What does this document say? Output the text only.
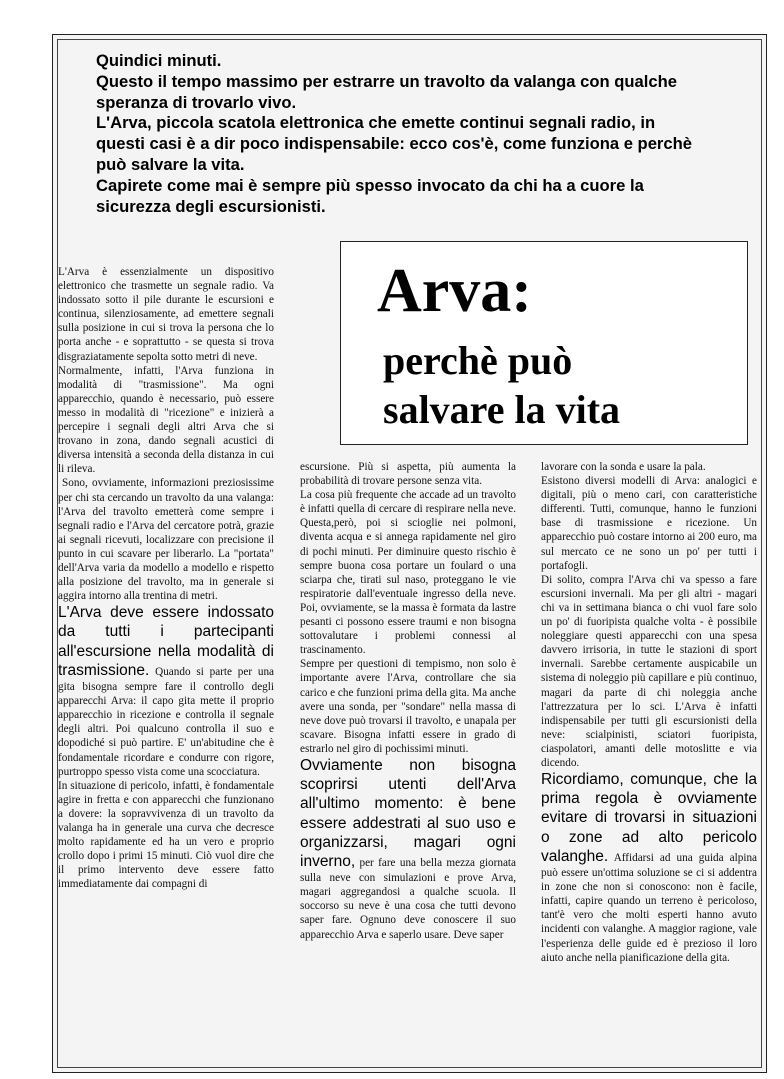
Quindici minuti.

Questo il tempo massimo per estrarre un travolto da valanga con qualche speranza di trovarlo vivo.

L'Arva, piccola scatola elettronica che emette continui segnali radio, in questi casi è a dir poco indispensabile: ecco cos'è, come funziona e perchè può salvare la vita.

Capirete come mai è sempre più spesso invocato da chi ha a cuore la sicurezza degli escursionisti.

L'Arva è essenzialmente un dispositivo elettronico che trasmette un segnale radio. Va indossato sotto il pile durante le escursioni e continua, silenziosamente, ad emettere segnali sulla posizione in cui si trova la persona che lo porta anche - e soprattutto - se questa si trova disgraziatamente sepolta sotto metri di neve.

Normalmente, infatti, l'Arva funziona in modalità di "trasmissione". Ma ogni apparecchio, quando è necessario, può essere messo in modalità di "ricezione" e inizierà a percepire i segnali degli altri Arva che si trovano in zona, dando segnali acustici di diversa intensità a seconda della distanza in cui li rileva.

Sono, ovviamente, informazioni preziosissime per chi sta cercando un travolto da una valanga: l'Arva del travolto emetterà come sempre i segnali radio e l'Arva del cercatore potrà, grazie ai segnali ricevuti, localizzare con precisione il punto in cui scavare per liberarlo. La "portata" dell'Arva varia da modello a modello e rispetto alla posizione del travolto, ma in generale si aggira intorno alla trentina di metri.

L'Arva deve essere indossato da tutti i partecipanti all'escursione nella modalità di trasmissione. Quando si parte per una gita bisogna sempre fare il controllo degli apparecchi Arva: il capo gita mette il proprio apparecchio in ricezione e controlla il segnale degli altri. Poi qualcuno controlla il suo e dopodiché si può partire. E' un'abitudine che è fondamentale ricordare e condurre con rigore, purtroppo spesso vista come una scocciatura.

In situazione di pericolo, infatti, è fondamentale agire in fretta e con apparecchi che funzionano a dovere: la sopravvivenza di un travolto da valanga ha in generale una curva che decresce molto rapidamente ed ha un vero e proprio crollo dopo i primi 15 minuti. Ciò vuol dire che il primo intervento deve essere fatto immediatamente dai compagni di

Arva:

perchè può
salvare la vita

escursione. Più si aspetta, più aumenta la probabilità di trovare persone senza vita.

La cosa più frequente che accade ad un travolto è infatti quella di cercare di respirare nella neve. Questa,però, poi si scioglie nei polmoni, diventa acqua e si annega rapidamente nel giro di pochi minuti. Per diminuire questo rischio è sempre buona cosa portare un foulard o una sciarpa che, tirati sul naso, proteggano le vie respiratorie dall'eventuale ingresso della neve. Poi, ovviamente, se la massa è formata da lastre pesanti ci possono essere traumi e non bisogna sottovalutare i problemi connessi al trascinamento.

Sempre per questioni di tempismo, non solo è importante avere l'Arva, controllare che sia carico e che funzioni prima della gita. Ma anche avere una sonda, per "sondare" nella massa di neve dove può trovarsi il travolto, e unapala per scavare. Bisogna infatti essere in grado di estrarlo nel giro di pochissimi minuti.

Ovviamente non bisogna scoprirsi utenti dell'Arva all'ultimo momento: è bene essere addestrati al suo uso e organizzarsi, magari ogni inverno, per fare una bella mezza giornata sulla neve con simulazioni e prove Arva, magari aggregandosi a qualche scuola. Il soccorso su neve è una cosa che tutti devono saper fare. Ognuno deve conoscere il suo apparecchio Arva e saperlo usare. Deve saper

lavorare con la sonda e usare la pala.

Esistono diversi modelli di Arva: analogici e digitali, più o meno cari, con caratteristiche differenti. Tutti, comunque, hanno le funzioni base di trasmissione e ricezione. Un apparecchio può costare intorno ai 200 euro, ma sul mercato ce ne sono un po' per tutti i portafogli.

Di solito, compra l'Arva chi va spesso a fare escursioni invernali. Ma per gli altri - magari chi va in settimana bianca o chi vuol fare solo un po' di fuoripista qualche volta - è possibile noleggiare questi apparecchi con una spesa davvero irrisoria, in tutte le stazioni di sport invernali. Sarebbe certamente auspicabile un sistema di noleggio più capillare e più continuo, magari da parte di chi noleggia anche l'attrezzatura per lo sci. L'Arva è infatti indispensabile per tutti gli escursionisti della neve: scialpinisti, sciatori fuoripista, ciaspolatori, amanti delle motoslitte e via dicendo.

Ricordiamo, comunque, che la prima regola è ovviamente evitare di trovarsi in situazioni o zone ad alto pericolo valanghe. Affidarsi ad una guida alpina può essere un'ottima soluzione se ci si addentra in zone che non si conoscono: non è facile, infatti, capire quando un terreno è pericoloso, tant'è vero che molti esperti hanno avuto incidenti con valanghe. A maggior ragione, vale l'esperienza delle guide ed è prezioso il loro aiuto anche nella pianificazione della gita.
